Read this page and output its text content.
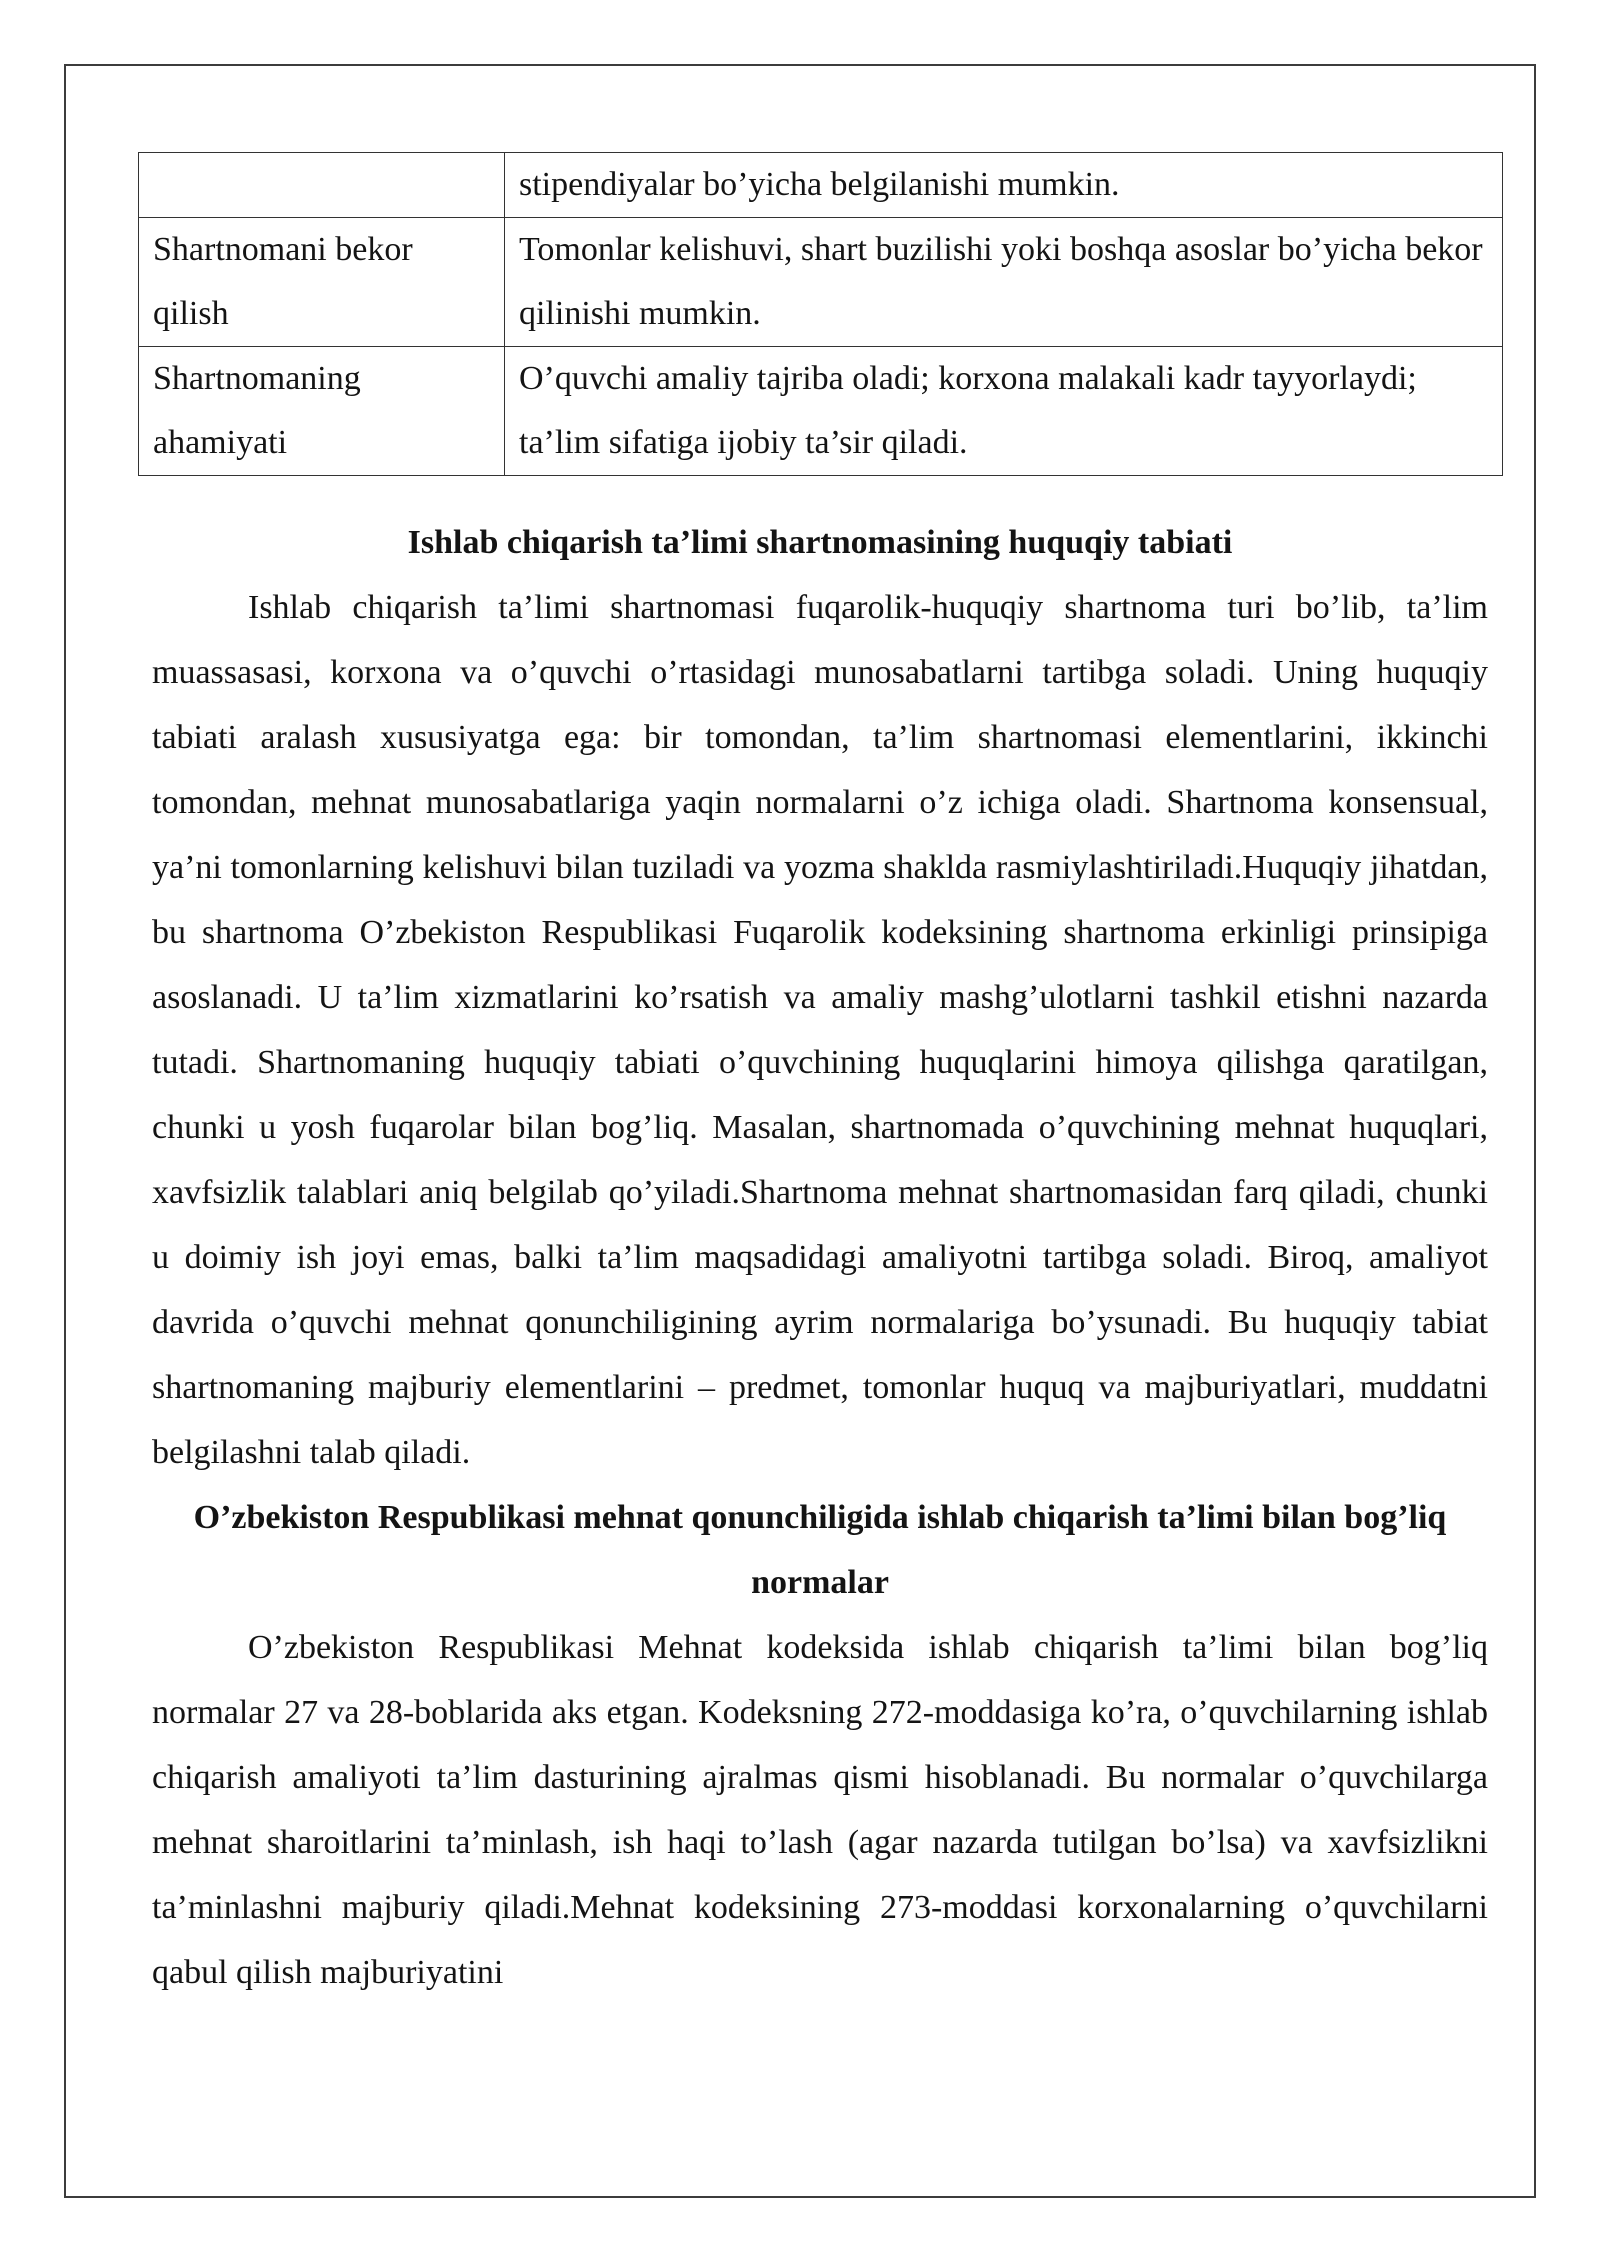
	stipendiyalar bo’yicha belgilanishi mumkin.
Shartnomani bekor qilish	Tomonlar kelishuvi, shart buzilishi yoki boshqa asoslar bo’yicha bekor qilinishi mumkin.
Shartnomaning ahamiyati	O’quvchi amaliy tajriba oladi; korxona malakali kadr tayyorlaydi; ta’lim sifatiga ijobiy ta’sir qiladi.
Ishlab chiqarish ta’limi shartnomasining huquqiy tabiati

Ishlab chiqarish ta’limi shartnomasi fuqarolik-huquqiy shartnoma turi bo’lib, ta’lim muassasasi, korxona va o’quvchi o’rtasidagi munosabatlarni tartibga soladi. Uning huquqiy tabiati aralash xususiyatga ega: bir tomondan, ta’lim shartnomasi elementlarini, ikkinchi tomondan, mehnat munosabatlariga yaqin normalarni o’z ichiga oladi. Shartnoma konsensual, ya’ni tomonlarning kelishuvi bilan tuziladi va yozma shaklda rasmiylashtiriladi.Huquqiy jihatdan, bu shartnoma O’zbekiston Respublikasi Fuqarolik kodeksining shartnoma erkinligi prinsipiga asoslanadi. U ta’lim xizmatlarini ko’rsatish va amaliy mashg’ulotlarni tashkil etishni nazarda tutadi. Shartnomaning huquqiy tabiati o’quvchining huquqlarini himoya qilishga qaratilgan, chunki u yosh fuqarolar bilan bog’liq. Masalan, shartnomada o’quvchining mehnat huquqlari, xavfsizlik talablari aniq belgilab qo’yiladi.Shartnoma mehnat shartnomasidan farq qiladi, chunki u doimiy ish joyi emas, balki ta’lim maqsadidagi amaliyotni tartibga soladi. Biroq, amaliyot davrida o’quvchi mehnat qonunchiligining ayrim normalariga bo’ysunadi. Bu huquqiy tabiat shartnomaning majburiy elementlarini – predmet, tomonlar huquq va majburiyatlari, muddatni belgilashni talab qiladi.

O’zbekiston Respublikasi mehnat qonunchiligida ishlab chiqarish ta’limi bilan bog’liq normalar

O’zbekiston Respublikasi Mehnat kodeksida ishlab chiqarish ta’limi bilan bog’liq normalar 27 va 28-boblarida aks etgan. Kodeksning 272-moddasiga ko’ra, o’quvchilarning ishlab chiqarish amaliyoti ta’lim dasturining ajralmas qismi hisoblanadi. Bu normalar o’quvchilarga mehnat sharoitlarini ta’minlash, ish haqi to’lash (agar nazarda tutilgan bo’lsa) va xavfsizlikni ta’minlashni majburiy qiladi.Mehnat kodeksining 273-moddasi korxonalarning o’quvchilarni qabul qilish majburiyatini
